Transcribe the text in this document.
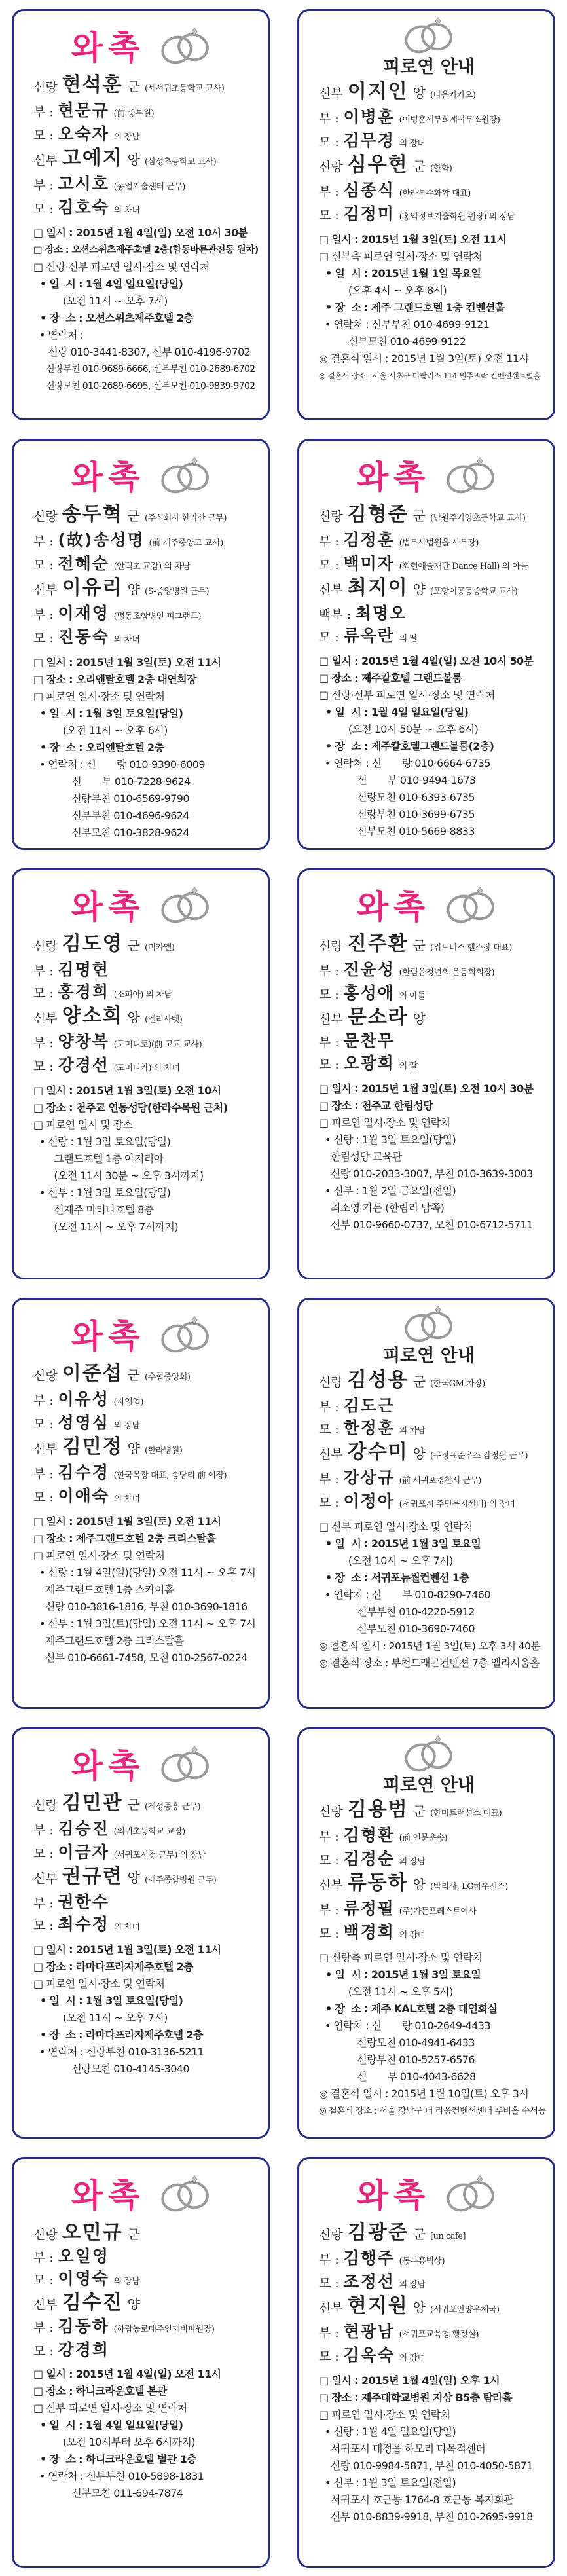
와촉
신랑 현석훈 군 (세서귀초등학교 교사)
부 : 현문규 (前 중부원)
모 : 오숙자 의 장남
신부 고예지 양 (삼성초등학교 교사)
부 : 고시호 (농업기술센터 근무)
모 : 김호숙 의 차녀
□ 일시 : 2015년 1월 4일(일) 오전 10시 30분
□ 장소 : 오션스위츠제주호텔 2층(함동바른관전동 원차)
□ 신랑·신부 피로연 일시·장소 및 연락처
• 일  시 : 1월 4일 일요일(당일)
(오전 11시 ~ 오후 7시)
• 장  소 : 오션스위츠제주호텔 2층
• 연락처 :
신랑 010-3441-8307, 신부 010-4196-9702
신랑부친 010-9689-6666, 신부부친 010-2689-6702
신랑모친 010-2689-6695, 신부모친 010-9839-9702
피로연 안내
신부 이지인 양 (다음카카오)
부 : 이병훈 (이병훈세무회계사무소원장)
모 : 김무경 의 장녀
신랑 심우현 군 (한화)
부 : 심종식 (한라특수화학 대표)
모 : 김정미 (홍익정보기술학원 원장) 의 장남
□ 일시 : 2015년 1월 3일(토) 오전 11시
□ 신부측 피로연 일시·장소 및 연락처
• 일  시 : 2015년 1월 1일 목요일
(오후 4시 ~ 오후 8시)
• 장  소 : 제주 그랜드호텔 1층 컨벤션홀
• 연락처 : 신부부친 010-4699-9121
신부모친 010-4699-9122
◎ 결혼식 일시 : 2015년 1월 3일(토) 오전 11시
◎ 결혼식 장소 : 서울 서초구 더팔리스 114 원주뜨락 컨벤션센트럴홀
와촉
신랑 송두혁 군 (주식회사 한라산 근무)
부 : (故)송성명 (前 제주중앙고 교사)
모 : 전혜순 (안덕초 교감) 의 차남
신부 이유리 양 (S-중앙병원 근무)
부 : 이재영 (명동조합병인 피그랜드)
모 : 진동숙 의 차녀
□ 일시 : 2015년 1월 3일(토) 오전 11시
□ 장소 : 오리엔탈호텔 2층 대연회장
□ 피로연 일시·장소 및 연락처
• 일  시 : 1월 3일 토요일(당일)
(오전 11시 ~ 오후 6시)
• 장  소 : 오리엔탈호텔 2층
• 연락처 : 신       랑 010-9390-6009
신       부 010-7228-9624
신랑부친 010-6569-9790
신부부친 010-4696-9624
신부모친 010-3828-9624
와촉
신랑 김형준 군 (남원주가양초등학교 교사)
부 : 김정훈 (법무사법원을 사무장)
모 : 백미자 (회현예술재단 Dance Hall) 의 아들
신부 최지이 양 (포항이공동중학교 교사)
백부 : 최명오
모 : 류옥란 의 딸
□ 일시 : 2015년 1월 4일(일) 오전 10시 50분
□ 장소 : 제주칼호텔 그랜드볼룸
□ 신랑·신부 피로연 일시·장소 및 연락처
• 일  시 : 1월 4일 일요일(당일)
(오전 10시 50분 ~ 오후 6시)
• 장  소 : 제주칼호텔그랜드볼룸(2층)
• 연락처 : 신       랑 010-6664-6735
신       부 010-9494-1673
신랑모친 010-6393-6735
신랑부친 010-3699-6735
신부모친 010-5669-8833
와촉
신랑 김도영 군 (미카엘)
부 : 김명현
모 : 홍경희 (소피아) 의 차남
신부 양소희 양 (엘리사벳)
부 : 양창복 (도미니코)(前 고교 교사)
모 : 강경선 (도미니카) 의 차녀
□ 일시 : 2015년 1월 3일(토) 오전 10시
□ 장소 : 천주교 연동성당(한라수목원 근처)
□ 피로연 일시 및 장소
• 신랑 : 1월 3일 토요일(당일)
그랜드호텔 1층 아지리아
(오전 11시 30분 ~ 오후 3시까지)
• 신부 : 1월 3일 토요일(당일)
신제주 마리나호텔 8층
(오전 11시 ~ 오후 7시까지)
와촉
신랑 진주환 군 (위드너스 헬스장 대표)
부 : 진윤성 (한림읍청년회 운동회회장)
모 : 홍성애 의 아들
신부 문소라 양
부 : 문찬무
모 : 오광희 의 딸
□ 일시 : 2015년 1월 3일(토) 오전 10시 30분
□ 장소 : 천주교 한림성당
□ 피로연 일시·장소 및 연락처
• 신랑 : 1월 3일 토요일(당일)
한림성당 교육관
신랑 010-2033-3007, 부친 010-3639-3003
• 신부 : 1월 2일 금요일(전일)
최소영 가든 (한림리 남쪽)
신부 010-9660-0737, 모친 010-6712-5711
와촉
신랑 이준섭 군 (수협중앙회)
부 : 이유성 (자영업)
모 : 성영심 의 장남
신부 김민정 양 (한라병원)
부 : 김수경 (한국목장 대표, 송당리 前 이장)
모 : 이애숙 의 차녀
□ 일시 : 2015년 1월 3일(토) 오전 11시
□ 장소 : 제주그랜드호텔 2층 크리스탈홀
□ 피로연 일시·장소 및 연락처
• 신랑 : 1월 4일(일)(당일) 오전 11시 ~ 오후 7시
제주그랜드호텔 1층 스카이홀
신랑 010-3816-1816, 부친 010-3690-1816
• 신부 : 1월 3일(토)(당일) 오전 11시 ~ 오후 7시
제주그랜드호텔 2층 크리스탈홀
신부 010-6661-7458, 모친 010-2567-0224
피로연 안내
신랑 김성용 군 (한국GM 차장)
부 : 김도근
모 : 한정훈 의 차남
신부 강수미 양 (구정표준우스 감정원 근무)
부 : 강상규 (前 서귀포경찰서 근무)
모 : 이정아 (서귀포시 주민복지센터) 의 장녀
□ 신부 피로연 일시·장소 및 연락처
• 일  시 : 2015년 1월 3일 토요일
(오전 10시 ~ 오후 7시)
• 장  소 : 서귀포뉴월컨벤션 1층
• 연락처 : 신       부 010-8290-7460
신부부친 010-4220-5912
신부모친 010-3690-7460
◎ 결혼식 일시 : 2015년 1월 3일(토) 오후 3시 40분
◎ 결혼식 장소 : 부천드래곤컨벤션 7층 엘리시움홀
와촉
신랑 김민관 군 (제성중흥 근무)
부 : 김승진 (의귀초등학교 교장)
모 : 이금자 (서귀포시청 근무) 의 장남
신부 권규련 양 (제주종합병원 근무)
부 : 권한수
모 : 최수정 의 차녀
□ 일시 : 2015년 1월 3일(토) 오전 11시
□ 장소 : 라마다프라자제주호텔 2층
□ 피로연 일시·장소 및 연락처
• 일  시 : 1월 3일 토요일(당일)
(오전 11시 ~ 오후 7시)
• 장  소 : 라마다프라자제주호텔 2층
• 연락처 : 신랑부친 010-3136-5211
신랑모친 010-4145-3040
피로연 안내
신랑 김용범 군 (한미트랜션스 대표)
부 : 김형환 (前 연문운송)
모 : 김경순 의 장남
신부 류동하 양 (박리사, LG하우시스)
부 : 류정필 (주)가든포레스트이사
모 : 백경희 의 장녀
□ 신랑측 피로연 일시·장소 및 연락처
• 일  시 : 2015년 1월 3일 토요일
(오전 11시 ~ 오후 5시)
• 장  소 : 제주 KAL호텔 2층 대연회실
• 연락처 : 신       랑 010-2649-4433
신랑모친 010-4941-6433
신랑부친 010-5257-6576
신       부 010-4043-6628
◎ 결혼식 일시 : 2015년 1월 10일(토) 오후 3시
◎ 결혼식 장소 : 서울 강남구 더 라움컨벤션센터 루비홀 수서동
와촉
신랑 오민규 군
부 : 오일영
모 : 이영숙 의 장남
신부 김수진 양
부 : 김동하 (하랍농로태주인재비파원장)
모 : 강경희
□ 일시 : 2015년 1월 4일(일) 오전 11시
□ 장소 : 하니크라운호텔 본관
□ 신부 피로연 일시·장소 및 연락처
• 일  시 : 1월 4일 일요일(당일)
(오전 10시부터 오후 6시까지)
• 장  소 : 하니크라운호텔 별관 1층
• 연락처 : 신부부친 010-5898-1831
신부모친 011-694-7874
와촉
신랑 김광준 군 [un cafe]
부 : 김행주 (동부흥빅상)
모 : 조정선 의 장남
신부 현지원 양 (서귀포안양우체국)
부 : 현광남 (서귀포교육청 행정실)
모 : 김옥숙 의 장녀
□ 일시 : 2015년 1월 4일(일) 오후 1시
□ 장소 : 제주대학교병원 지상 B5층 탐라홀
□ 피로연 일시·장소 및 연락처
• 신랑 : 1월 4일 일요일(당일)
서귀포시 대정읍 하모리 다목적센터
신랑 010-9984-5871, 부친 010-4050-5871
• 신부 : 1월 3일 토요일(전일)
서귀포시 호근동 1764-8 호근동 복지회관
신부 010-8839-9918, 부친 010-2695-9918
